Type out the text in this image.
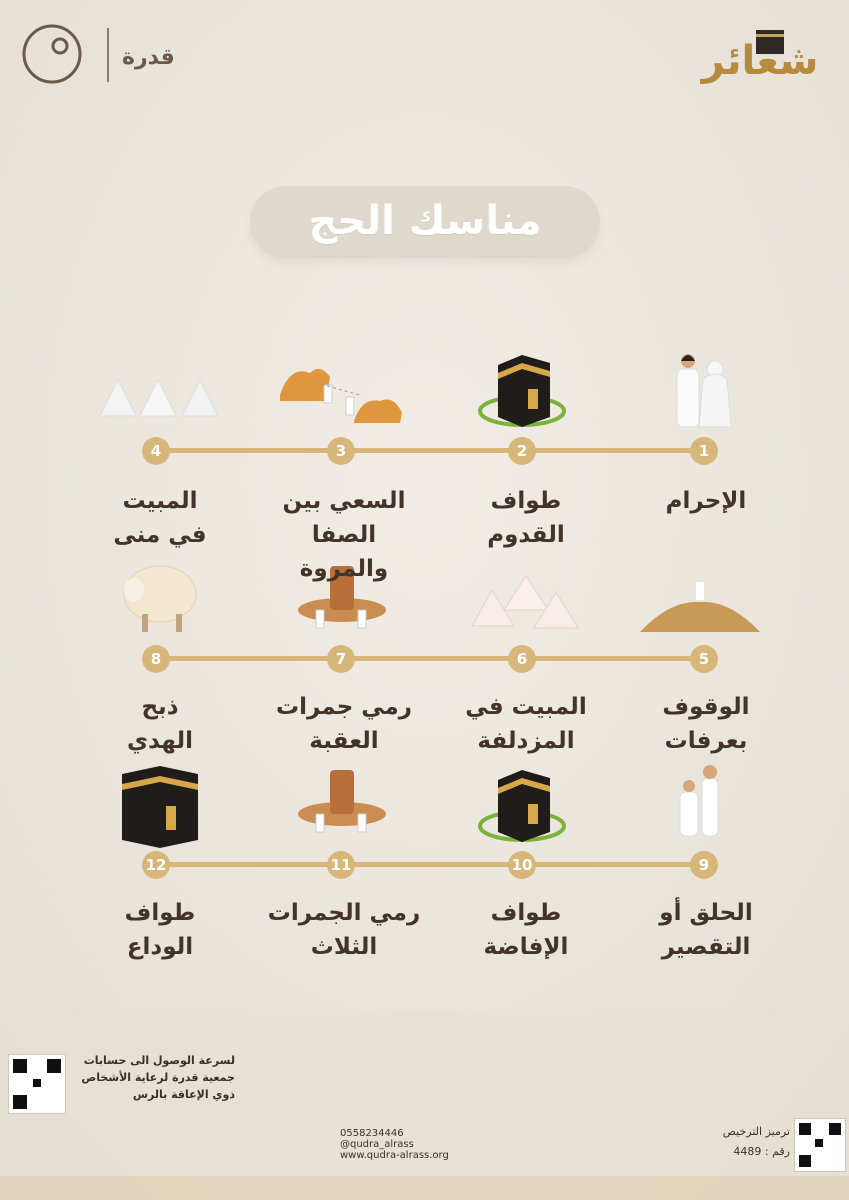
قدرة	شعائر
مناسك الحج
1
2
3
4
5
6
7
8
9
10
11
12
الإحرام
طواف
القدوم
السعي بين
الصفا والمروة
المبيت
في منى
الوقوف
بعرفات
المبيت في
المزدلفة
رمي جمرات
العقبة
ذبح
الهدي
الحلق أو
التقصير
طواف
الإفاضة
رمي الجمرات
الثلاث
طواف
الوداع
لسرعة الوصول الى حسابات جمعية قدرة لرعاية الأشخاص ذوي الإعاقة بالرس
ترميز الترخيص
رقم : 4489
0558234446
@qudra_alrass
www.qudra-alrass.org
